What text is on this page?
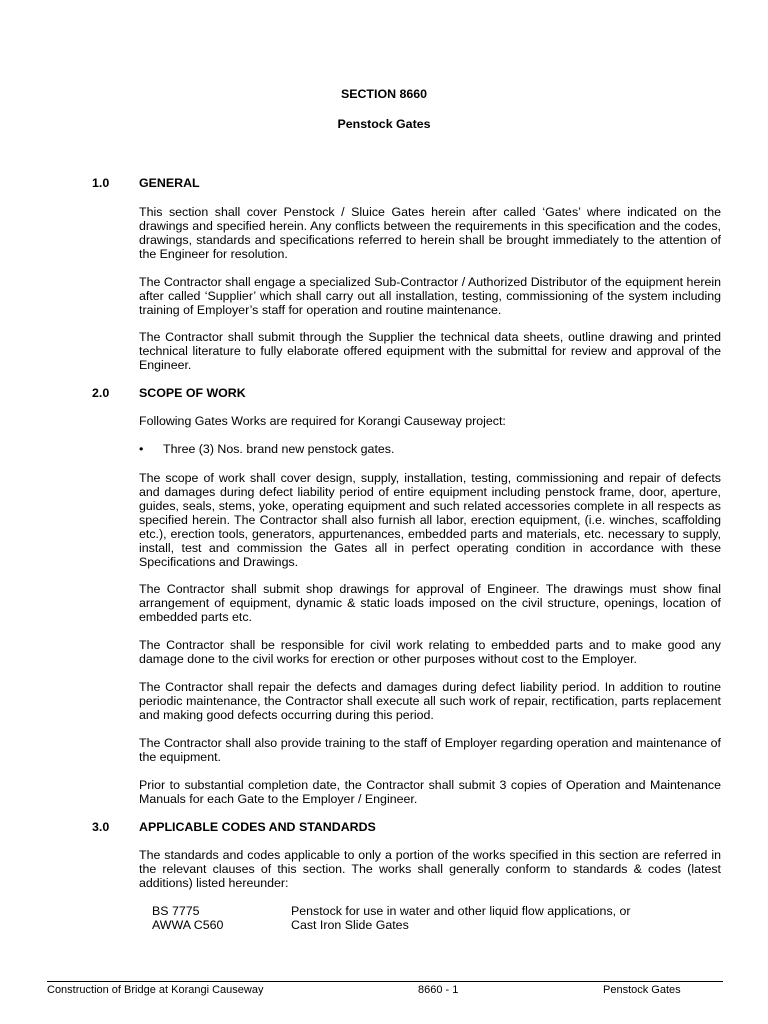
SECTION 8660
Penstock Gates
1.0 GENERAL

This section shall cover Penstock / Sluice Gates herein after called ‘Gates’ where indicated on the drawings and specified herein. Any conflicts between the requirements in this specification and the codes, drawings, standards and specifications referred to herein shall be brought immediately to the attention of the Engineer for resolution.

The Contractor shall engage a specialized Sub-Contractor / Authorized Distributor of the equipment herein after called ‘Supplier’ which shall carry out all installation, testing, commissioning of the system including training of Employer’s staff for operation and routine maintenance.

The Contractor shall submit through the Supplier the technical data sheets, outline drawing and printed technical literature to fully elaborate offered equipment with the submittal for review and approval of the Engineer.

2.0 SCOPE OF WORK

Following Gates Works are required for Korangi Causeway project:

• Three (3) Nos. brand new penstock gates.

The scope of work shall cover design, supply, installation, testing, commissioning and repair of defects and damages during defect liability period of entire equipment including penstock frame, door, aperture, guides, seals, stems, yoke, operating equipment and such related accessories complete in all respects as specified herein. The Contractor shall also furnish all labor, erection equipment, (i.e. winches, scaffolding etc.), erection tools, generators, appurtenances, embedded parts and materials, etc. necessary to supply, install, test and commission the Gates all in perfect operating condition in accordance with these Specifications and Drawings.

The Contractor shall submit shop drawings for approval of Engineer. The drawings must show final arrangement of equipment, dynamic & static loads imposed on the civil structure, openings, location of embedded parts etc.

The Contractor shall be responsible for civil work relating to embedded parts and to make good any damage done to the civil works for erection or other purposes without cost to the Employer.

The Contractor shall repair the defects and damages during defect liability period. In addition to routine periodic maintenance, the Contractor shall execute all such work of repair, rectification, parts replacement and making good defects occurring during this period.

The Contractor shall also provide training to the staff of Employer regarding operation and maintenance of the equipment.

Prior to substantial completion date, the Contractor shall submit 3 copies of Operation and Maintenance Manuals for each Gate to the Employer / Engineer.

3.0 APPLICABLE CODES AND STANDARDS

The standards and codes applicable to only a portion of the works specified in this section are referred in the relevant clauses of this section. The works shall generally conform to standards & codes (latest additions) listed hereunder:

BS 7775	Penstock for use in water and other liquid flow applications, or
AWWA C560	Cast Iron Slide Gates
Construction of Bridge at Korangi Causeway	8660 - 1	Penstock Gates
